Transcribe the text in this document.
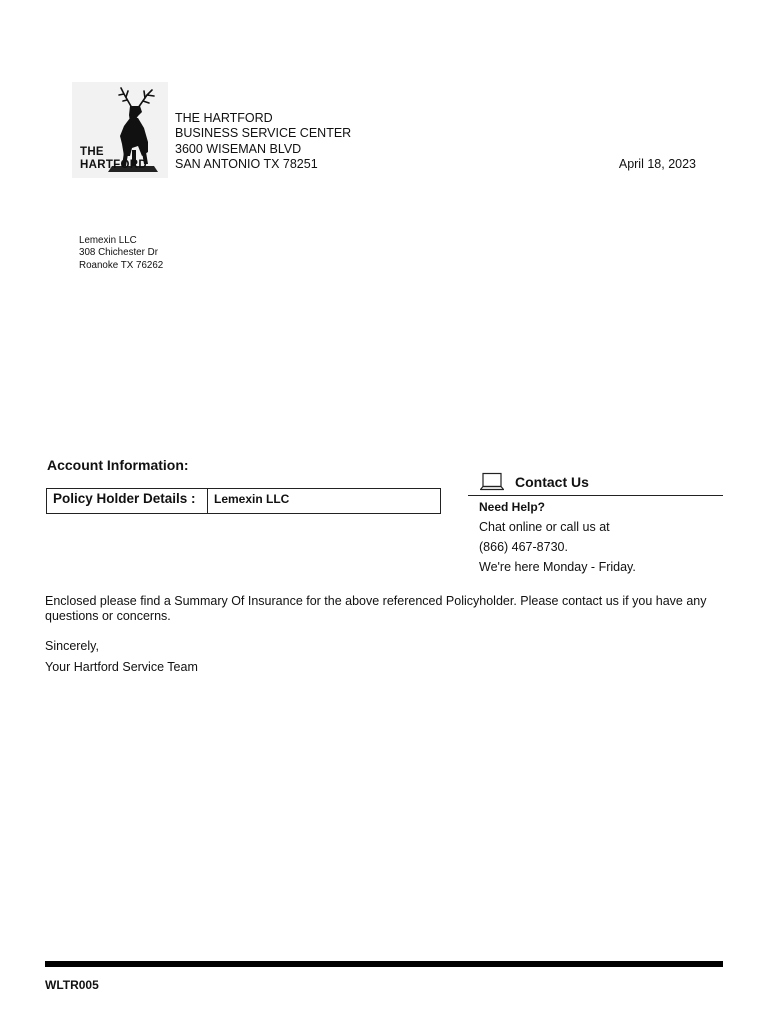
THE
HARTFORD
THE HARTFORD
BUSINESS SERVICE CENTER
3600 WISEMAN BLVD
SAN ANTONIO TX 78251	April 18, 2023
Lemexin LLC
308 Chichester Dr
Roanoke TX 76262
Account Information:
Policy Holder Details :	Lemexin LLC
Contact Us
Need Help?
Chat online or call us at
(866) 467-8730.
We're here Monday - Friday.
Enclosed please find a Summary Of Insurance for the above referenced Policyholder. Please contact us if you have any questions or concerns.
Sincerely,
Your Hartford Service Team
WLTR005
